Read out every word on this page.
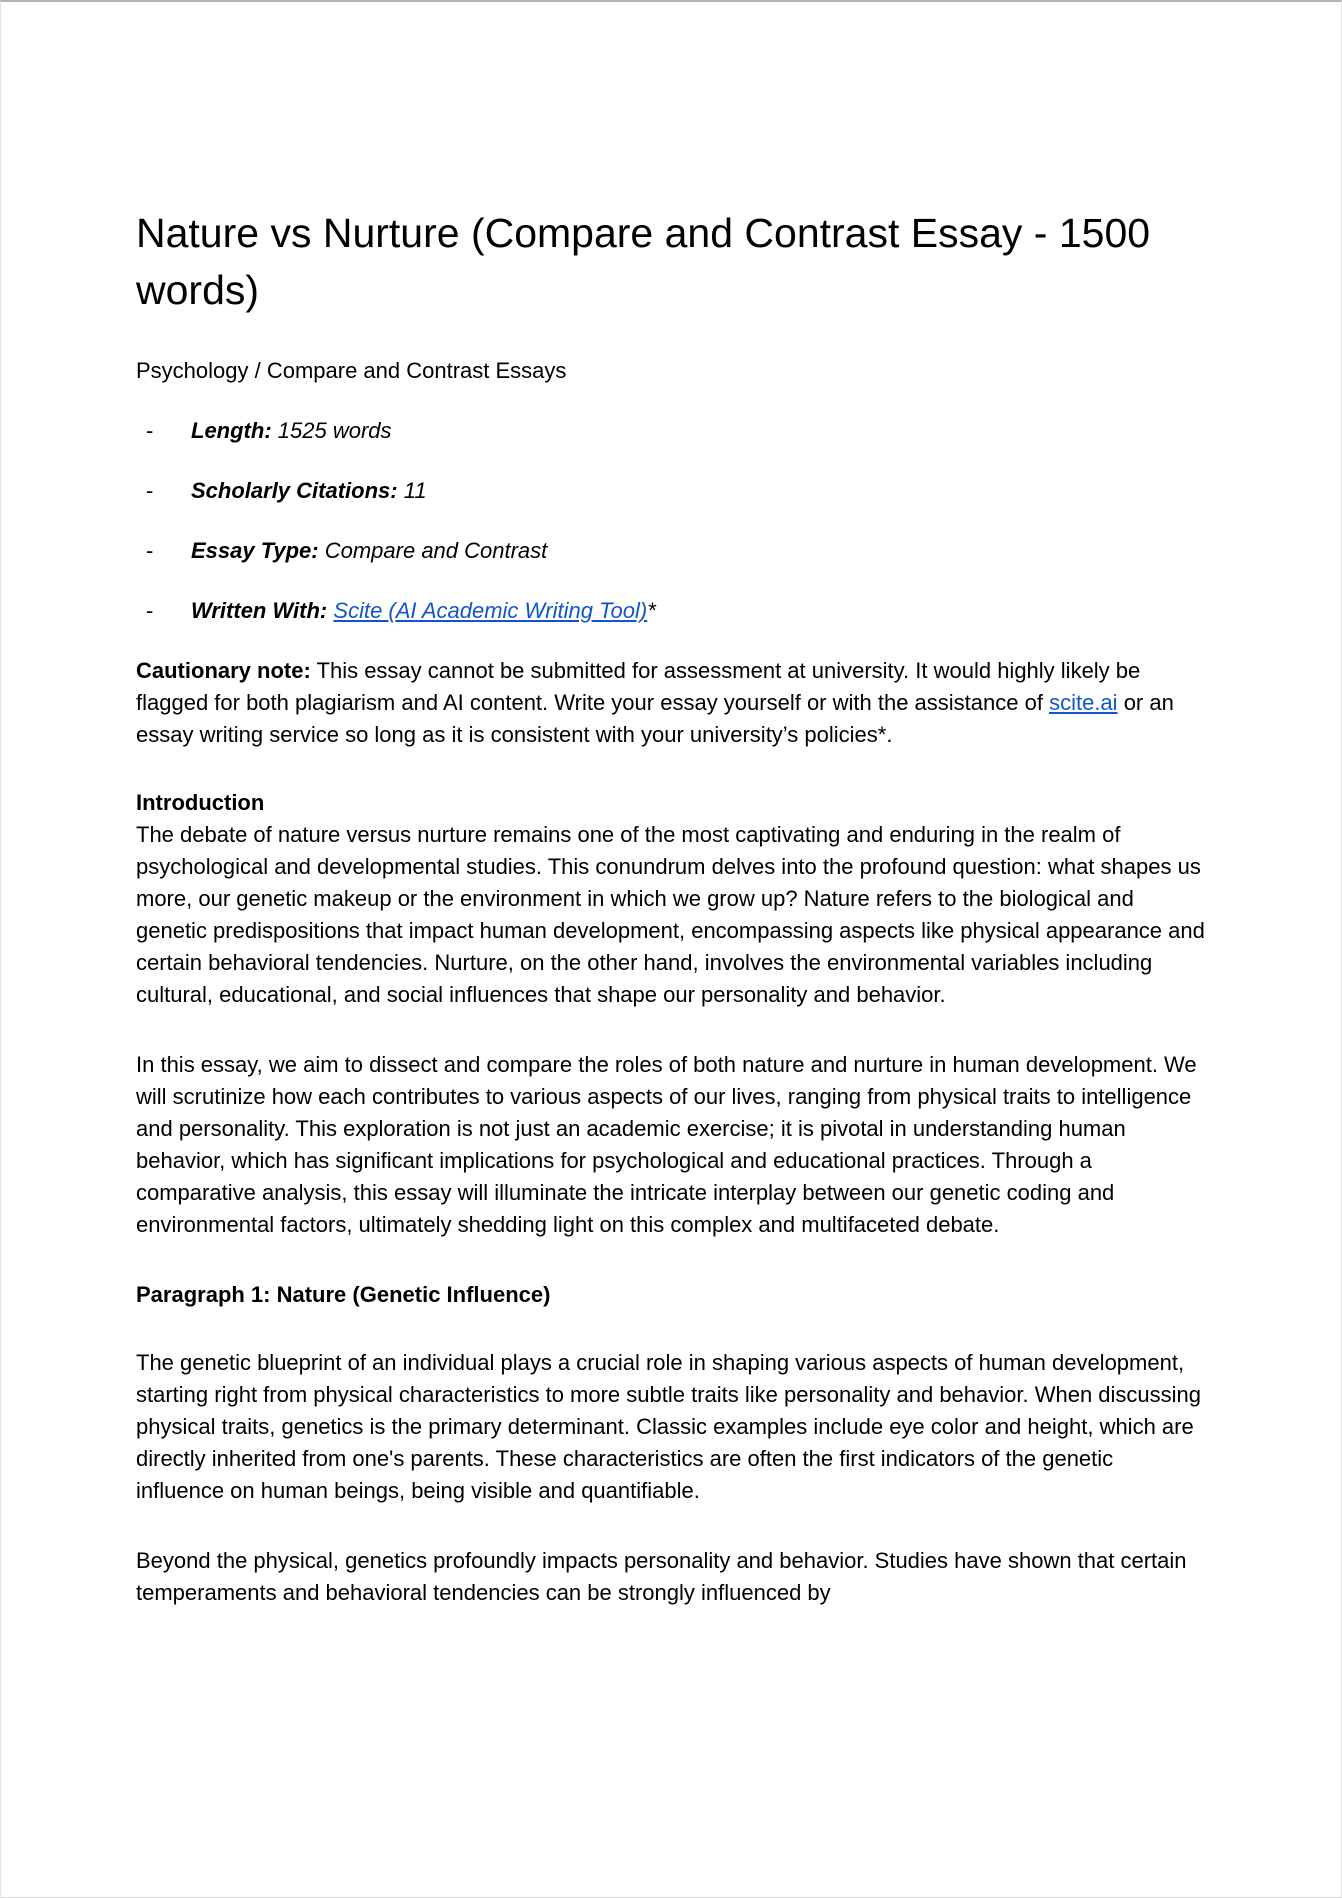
Nature vs Nurture (Compare and Contrast Essay - 1500 words)

Psychology / Compare and Contrast Essays

- Length: 1525 words
- Scholarly Citations: 11
- Essay Type: Compare and Contrast
- Written With: Scite (AI Academic Writing Tool)*

Cautionary note: This essay cannot be submitted for assessment at university. It would highly likely be flagged for both plagiarism and AI content. Write your essay yourself or with the assistance of scite.ai or an essay writing service so long as it is consistent with your university’s policies*.

Introduction

The debate of nature versus nurture remains one of the most captivating and enduring in the realm of psychological and developmental studies. This conundrum delves into the profound question: what shapes us more, our genetic makeup or the environment in which we grow up? Nature refers to the biological and genetic predispositions that impact human development, encompassing aspects like physical appearance and certain behavioral tendencies. Nurture, on the other hand, involves the environmental variables including cultural, educational, and social influences that shape our personality and behavior.

In this essay, we aim to dissect and compare the roles of both nature and nurture in human development. We will scrutinize how each contributes to various aspects of our lives, ranging from physical traits to intelligence and personality. This exploration is not just an academic exercise; it is pivotal in understanding human behavior, which has significant implications for psychological and educational practices. Through a comparative analysis, this essay will illuminate the intricate interplay between our genetic coding and environmental factors, ultimately shedding light on this complex and multifaceted debate.

Paragraph 1: Nature (Genetic Influence)

The genetic blueprint of an individual plays a crucial role in shaping various aspects of human development, starting right from physical characteristics to more subtle traits like personality and behavior. When discussing physical traits, genetics is the primary determinant. Classic examples include eye color and height, which are directly inherited from one's parents. These characteristics are often the first indicators of the genetic influence on human beings, being visible and quantifiable.

Beyond the physical, genetics profoundly impacts personality and behavior. Studies have shown that certain temperaments and behavioral tendencies can be strongly influenced by
